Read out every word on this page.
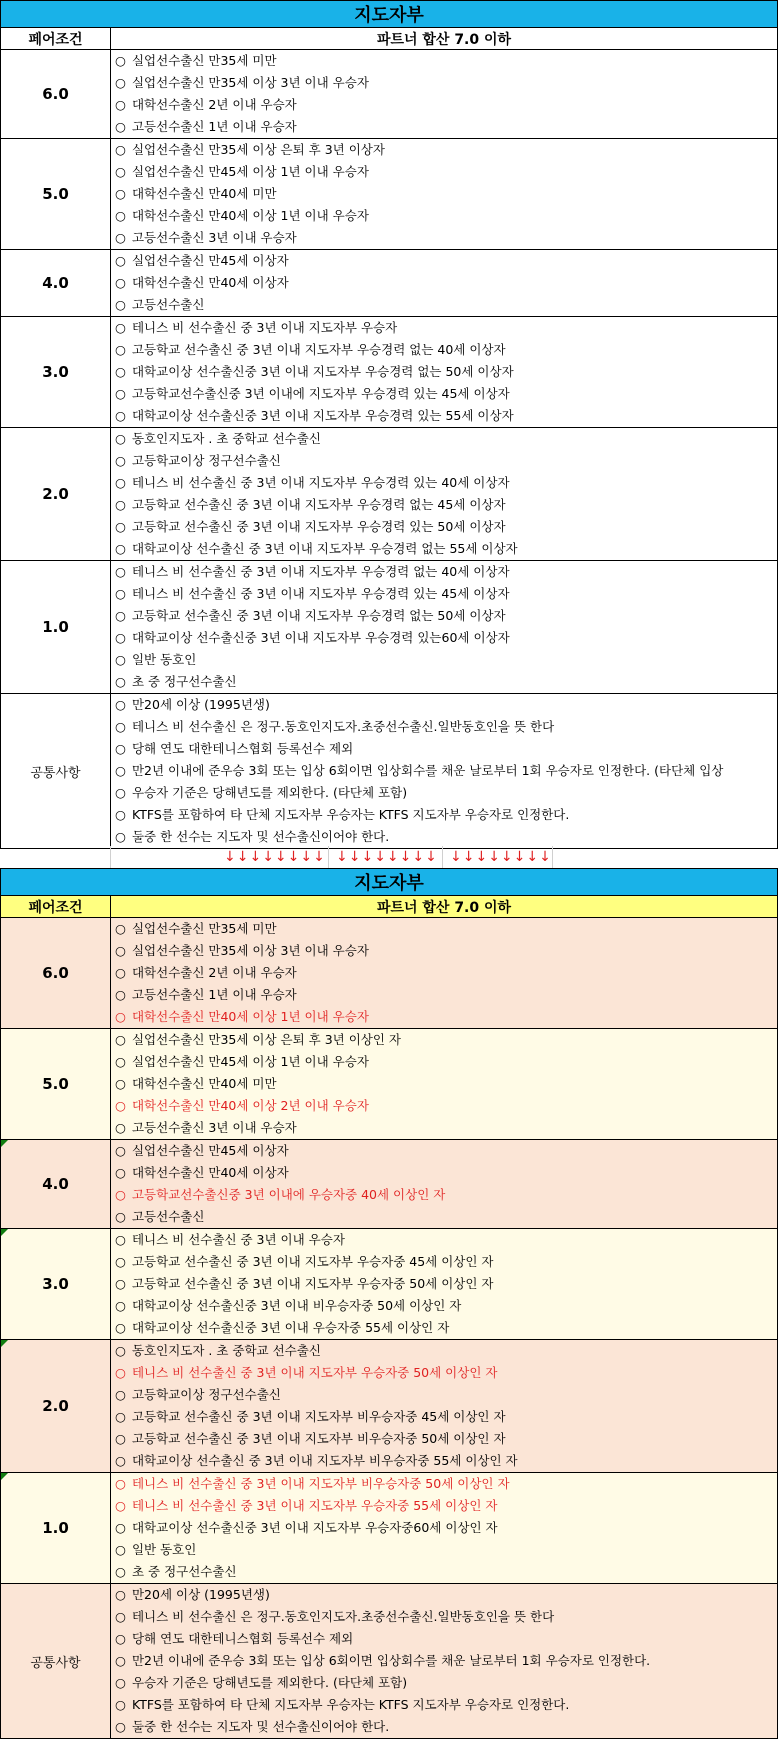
지도자부
페어조건	파트너 합산 7.0 이하
6.0
○ 실업선수출신 만35세 미만
○ 실업선수출신 만35세 이상 3년 이내 우승자
○ 대학선수출신 2년 이내 우승자
○ 고등선수출신 1년 이내 우승자
5.0
○ 실업선수출신 만35세 이상 은퇴 후 3년 이상자
○ 실업선수출신 만45세 이상 1년 이내 우승자
○ 대학선수출신 만40세 미만
○ 대학선수출신 만40세 이상 1년 이내 우승자
○ 고등선수출신 3년 이내 우승자
4.0
○ 실업선수출신 만45세 이상자
○ 대학선수출신 만40세 이상자
○ 고등선수출신
3.0
○ 테니스 비 선수출신 중 3년 이내 지도자부 우승자
○ 고등학교 선수출신 중 3년 이내 지도자부 우승경력 없는 40세 이상자
○ 대학교이상 선수출신중 3년 이내 지도자부 우승경력 없는 50세 이상자
○ 고등학교선수출신중 3년 이내에 지도자부 우승경력 있는 45세 이상자
○ 대학교이상 선수출신중 3년 이내 지도자부 우승경력 있는 55세 이상자
2.0
○ 동호인지도자 . 초 중학교 선수출신
○ 고등학교이상 정구선수출신
○ 테니스 비 선수출신 중 3년 이내 지도자부 우승경력 있는 40세 이상자
○ 고등학교 선수출신 중 3년 이내 지도자부 우승경력 없는 45세 이상자
○ 고등학교 선수출신 중 3년 이내 지도자부 우승경력 있는 50세 이상자
○ 대학교이상 선수출신 중 3년 이내 지도자부 우승경력 없는 55세 이상자
1.0
○ 테니스 비 선수출신 중 3년 이내 지도자부 우승경력 없는 40세 이상자
○ 테니스 비 선수출신 중 3년 이내 지도자부 우승경력 있는 45세 이상자
○ 고등학교 선수출신 중 3년 이내 지도자부 우승경력 없는 50세 이상자
○ 대학교이상 선수출신중 3년 이내 지도자부 우승경력 있는60세 이상자
○ 일반 동호인
○ 초 중 정구선수출신
공통사항
○ 만20세 이상 (1995년생)
○ 테니스 비 선수출신 은 정구.동호인지도자.초중선수출신.일반동호인을 뜻 한다
○ 당해 연도 대한테니스협회 등록선수 제외
○ 만2년 이내에 준우승 3회 또는 입상 6회이면 입상회수를 채운 날로부터 1회 우승자로 인정한다. (타단체 입상
○ 우승자 기준은 당해년도를 제외한다. (타단체 포함)
○ KTFS를 포함하여 타 단체 지도자부 우승자는 KTFS 지도자부 우승자로 인정한다.
○ 둘중 한 선수는 지도자 및 선수출신이어야 한다.
↓↓↓↓↓↓↓↓ ↓↓↓↓↓↓↓↓ ↓↓↓↓↓↓↓↓
지도자부
페어조건	파트너 합산 7.0 이하
6.0
○ 실업선수출신 만35세 미만
○ 실업선수출신 만35세 이상 3년 이내 우승자
○ 대학선수출신 2년 이내 우승자
○ 고등선수출신 1년 이내 우승자
○ 대학선수출신 만40세 이상 1년 이내 우승자
5.0
○ 실업선수출신 만35세 이상 은퇴 후 3년 이상인 자
○ 실업선수출신 만45세 이상 1년 이내 우승자
○ 대학선수출신 만40세 미만
○ 대학선수출신 만40세 이상 2년 이내 우승자
○ 고등선수출신 3년 이내 우승자
4.0
○ 실업선수출신 만45세 이상자
○ 대학선수출신 만40세 이상자
○ 고등학교선수출신중 3년 이내에 우승자중 40세 이상인 자
○ 고등선수출신
3.0
○ 테니스 비 선수출신 중 3년 이내 우승자
○ 고등학교 선수출신 중 3년 이내 지도자부 우승자중 45세 이상인 자
○ 고등학교 선수출신 중 3년 이내 지도자부 우승자중 50세 이상인 자
○ 대학교이상 선수출신중 3년 이내 비우승자중 50세 이상인 자
○ 대학교이상 선수출신중 3년 이내 우승자중 55세 이상인 자
2.0
○ 동호인지도자 . 초 중학교 선수출신
○ 테니스 비 선수출신 중 3년 이내 지도자부 우승자중 50세 이상인 자
○ 고등학교이상 정구선수출신
○ 고등학교 선수출신 중 3년 이내 지도자부 비우승자중 45세 이상인 자
○ 고등학교 선수출신 중 3년 이내 지도자부 비우승자중 50세 이상인 자
○ 대학교이상 선수출신 중 3년 이내 지도자부 비우승자중 55세 이상인 자
1.0
○ 테니스 비 선수출신 중 3년 이내 지도자부 비우승자중 50세 이상인 자
○ 테니스 비 선수출신 중 3년 이내 지도자부 우승자중 55세 이상인 자
○ 대학교이상 선수출신중 3년 이내 지도자부 우승자중60세 이상인 자
○ 일반 동호인
○ 초 중 정구선수출신
공통사항
○ 만20세 이상 (1995년생)
○ 테니스 비 선수출신 은 정구.동호인지도자.초중선수출신.일반동호인을 뜻 한다
○ 당해 연도 대한테니스협회 등록선수 제외
○ 만2년 이내에 준우승 3회 또는 입상 6회이면 입상회수를 채운 날로부터 1회 우승자로 인정한다.
○ 우승자 기준은 당해년도를 제외한다. (타단체 포함)
○ KTFS를 포함하여 타 단체 지도자부 우승자는 KTFS 지도자부 우승자로 인정한다.
○ 둘중 한 선수는 지도자 및 선수출신이어야 한다.
